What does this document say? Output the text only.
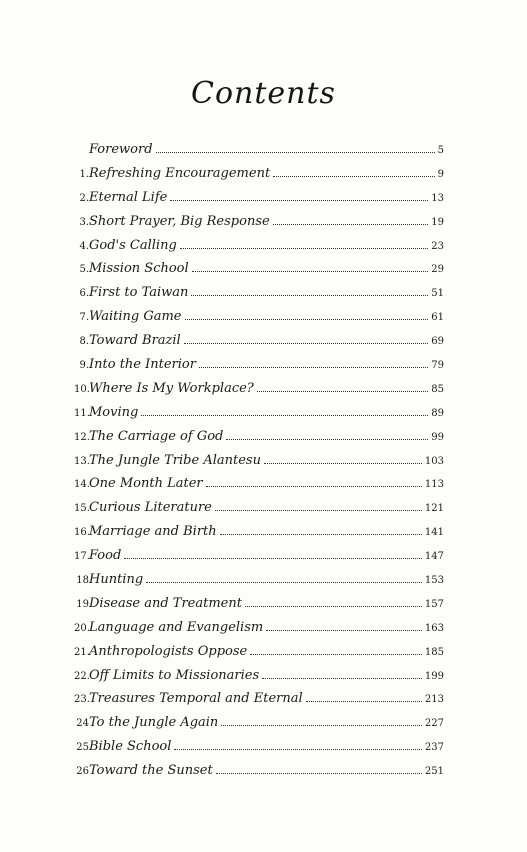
Contents
Foreword	5
1. Refreshing Encouragement	9
2. Eternal Life	13
3. Short Prayer, Big Response	19
4. God's Calling	23
5. Mission School	29
6. First to Taiwan	51
7. Waiting Game	61
8. Toward Brazil	69
9. Into the Interior	79
10. Where Is My Workplace?	85
11. Moving	89
12. The Carriage of God	99
13. The Jungle Tribe Alantesu	103
14. One Month Later	113
15. Curious Literature	121
16. Marriage and Birth	141
17. Food	147
18 Hunting	153
19 Disease and Treatment	157
20. Language and Evangelism	163
21. Anthropologists Oppose	185
22. Off Limits to Missionaries	199
23. Treasures Temporal and Eternal	213
24 To the Jungle Again	227
25 Bible School	237
26 Toward the Sunset	251
